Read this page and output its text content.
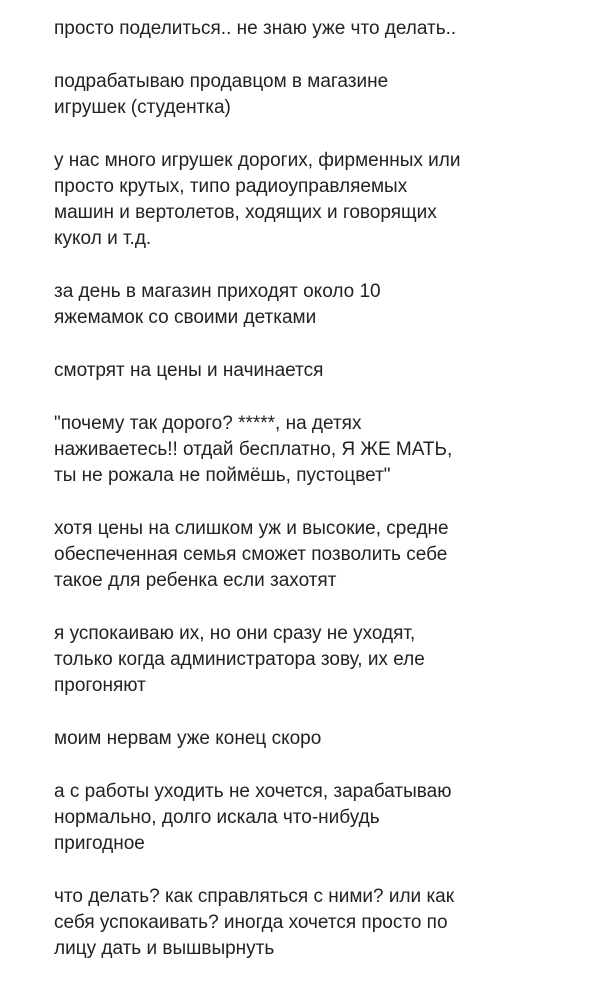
просто поделиться.. не знаю уже что делать..

подрабатываю продавцом в магазине
игрушек (студентка)

у нас много игрушек дорогих, фирменных или
просто крутых, типо радиоуправляемых
машин и вертолетов, ходящих и говорящих
кукол и т.д.

за день в магазин приходят около 10
яжемамок со своими детками

смотрят на цены и начинается

"почему так дорого? *****, на детях
наживаетесь!! отдай бесплатно, Я ЖЕ МАТЬ,
ты не рожала не поймёшь, пустоцвет"

хотя цены на слишком уж и высокие, средне
обеспеченная семья сможет позволить себе
такое для ребенка если захотят

я успокаиваю их, но они сразу не уходят,
только когда администратора зову, их еле
прогоняют

моим нервам уже конец скоро

а с работы уходить не хочется, зарабатываю
нормально, долго искала что-нибудь
пригодное

что делать? как справляться с ними? или как
себя успокаивать? иногда хочется просто по
лицу дать и вышвырнуть
